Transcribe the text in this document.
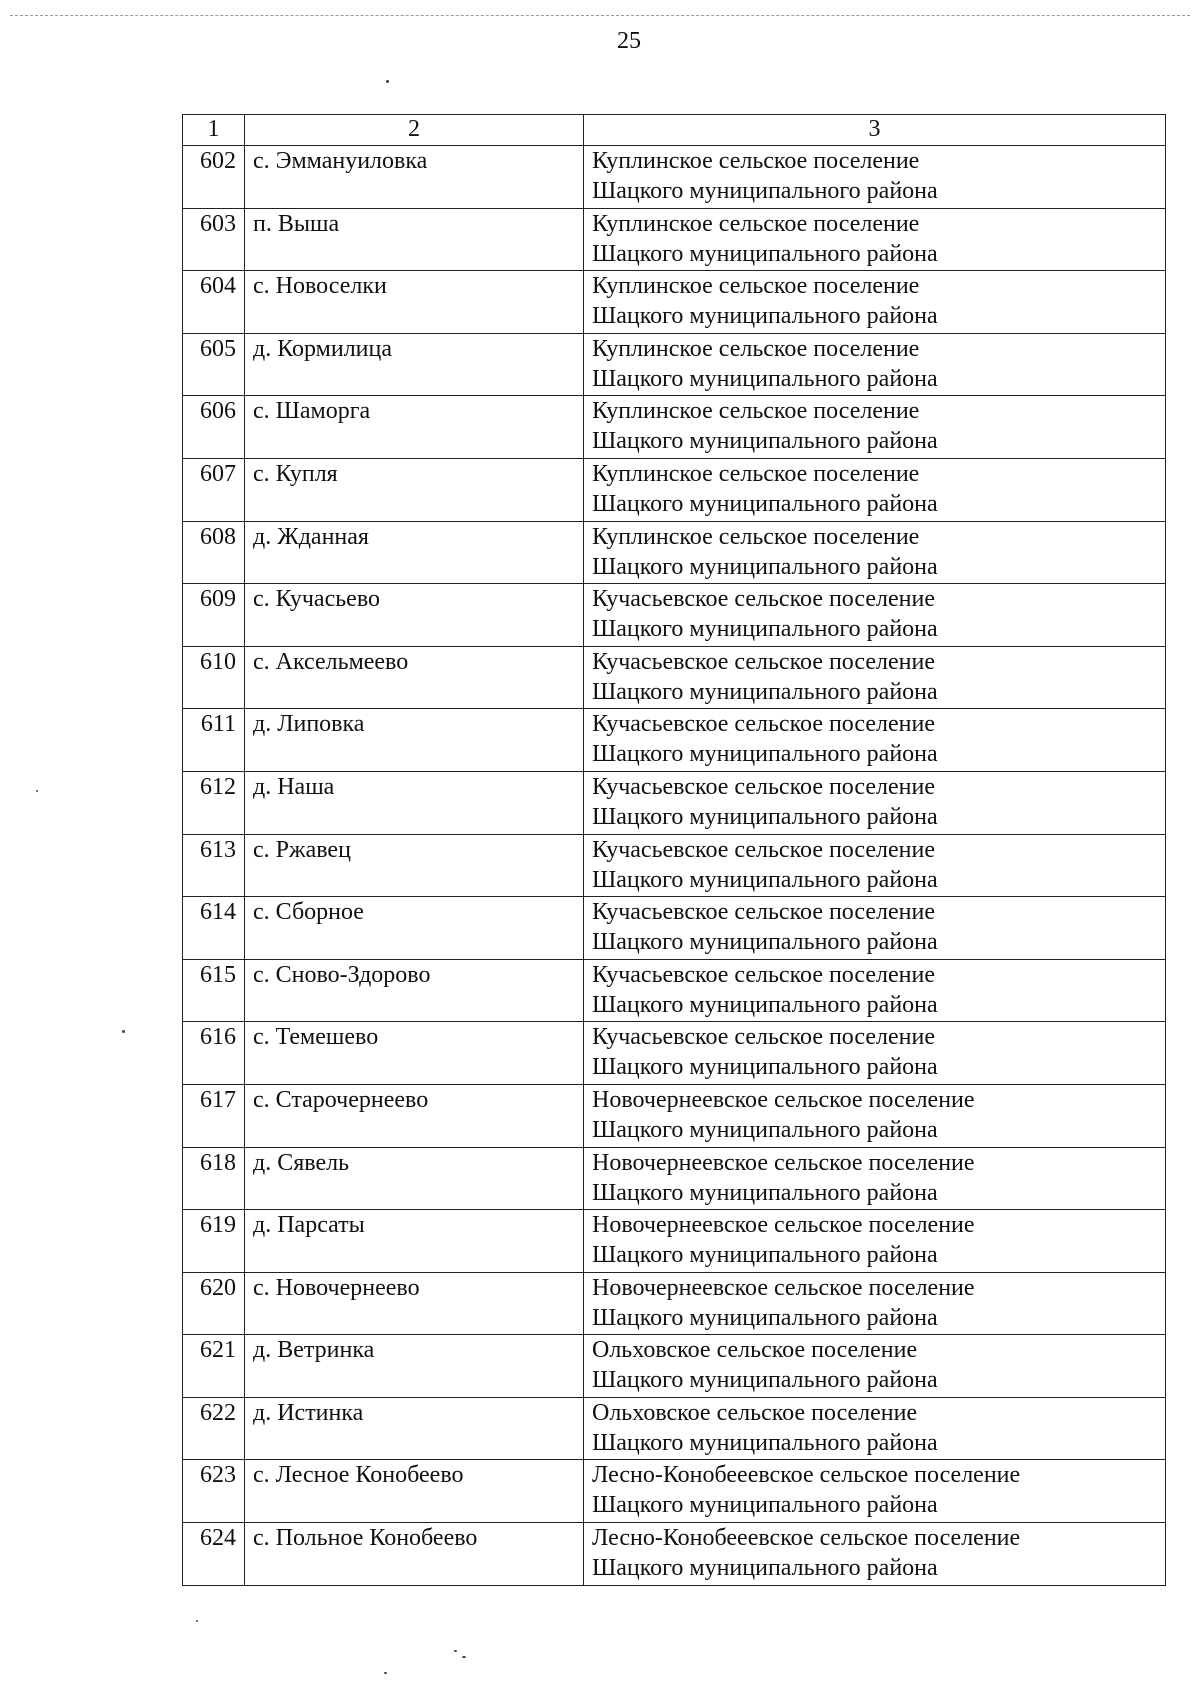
25
1	2	3
602	с. Эммануиловка	Куплинское сельское поселение
Шацкого муниципального района

603	п. Выша	Куплинское сельское поселение
Шацкого муниципального района

604	с. Новоселки	Куплинское сельское поселение
Шацкого муниципального района

605	д. Кормилица	Куплинское сельское поселение
Шацкого муниципального района

606	с. Шаморга	Куплинское сельское поселение
Шацкого муниципального района

607	с. Купля	Куплинское сельское поселение
Шацкого муниципального района

608	д. Жданная	Куплинское сельское поселение
Шацкого муниципального района

609	с. Кучасьево	Кучасьевское сельское поселение
Шацкого муниципального района

610	с. Аксельмеево	Кучасьевское сельское поселение
Шацкого муниципального района

611	д. Липовка	Кучасьевское сельское поселение
Шацкого муниципального района

612	д. Наша	Кучасьевское сельское поселение
Шацкого муниципального района

613	с. Ржавец	Кучасьевское сельское поселение
Шацкого муниципального района

614	с. Сборное	Кучасьевское сельское поселение
Шацкого муниципального района

615	с. Сново-Здорово	Кучасьевское сельское поселение
Шацкого муниципального района

616	с. Темешево	Кучасьевское сельское поселение
Шацкого муниципального района

617	с. Старочернеево	Новочернеевское сельское поселение
Шацкого муниципального района

618	д. Сявель	Новочернеевское сельское поселение
Шацкого муниципального района

619	д. Парсаты	Новочернеевское сельское поселение
Шацкого муниципального района

620	с. Новочернеево	Новочернеевское сельское поселение
Шацкого муниципального района

621	д. Ветринка	Ольховское сельское поселение
Шацкого муниципального района

622	д. Истинка	Ольховское сельское поселение
Шацкого муниципального района

623	с. Лесное Конобеево	Лесно-Конобееевское сельское поселение
Шацкого муниципального района

624	с. Польное Конобеево	Лесно-Конобееевское сельское поселение
Шацкого муниципального района
